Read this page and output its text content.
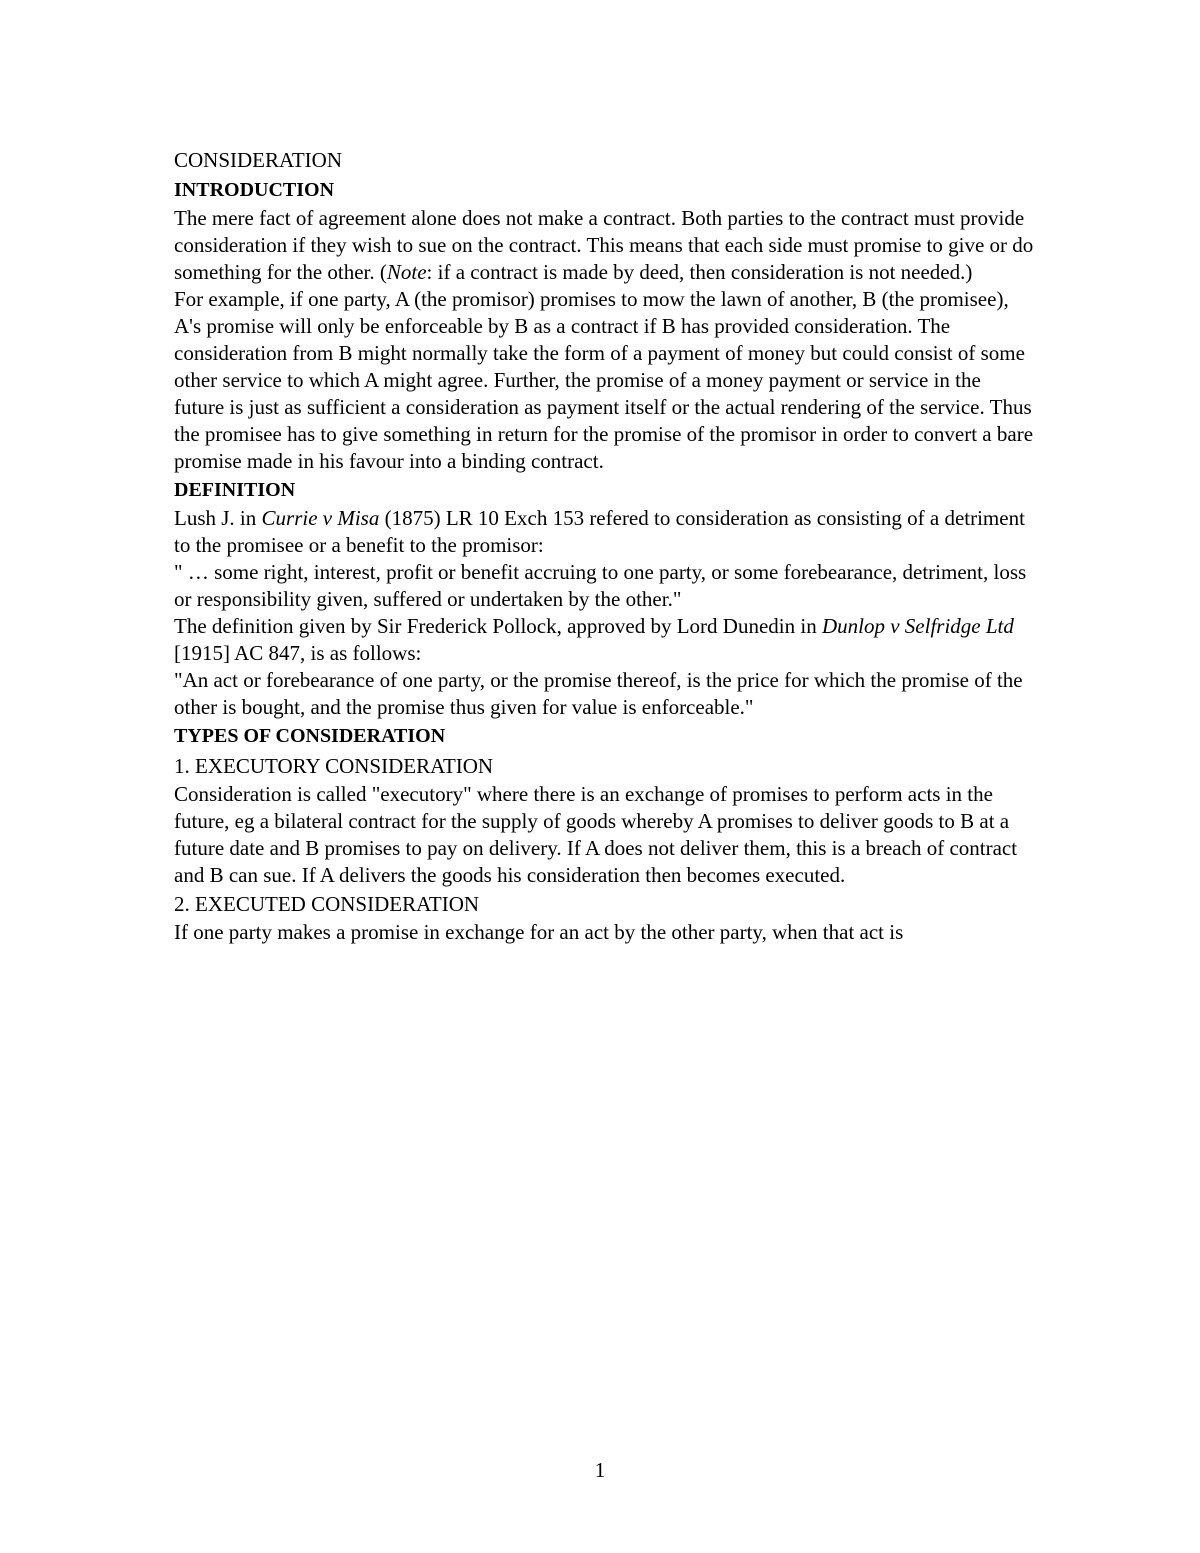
CONSIDERATION

INTRODUCTION

The mere fact of agreement alone does not make a contract. Both parties to the contract must provide consideration if they wish to sue on the contract. This means that each side must promise to give or do something for the other. (Note: if a contract is made by deed, then consideration is not needed.)

For example, if one party, A (the promisor) promises to mow the lawn of another, B (the promisee), A's promise will only be enforceable by B as a contract if B has provided consideration. The consideration from B might normally take the form of a payment of money but could consist of some other service to which A might agree. Further, the promise of a money payment or service in the future is just as sufficient a consideration as payment itself or the actual rendering of the service. Thus the promisee has to give something in return for the promise of the promisor in order to convert a bare promise made in his favour into a binding contract.

DEFINITION

Lush J. in Currie v Misa (1875) LR 10 Exch 153 refered to consideration as consisting of a detriment to the promisee or a benefit to the promisor:

" … some right, interest, profit or benefit accruing to one party, or some forebearance, detriment, loss or responsibility given, suffered or undertaken by the other."

The definition given by Sir Frederick Pollock, approved by Lord Dunedin in Dunlop v Selfridge Ltd [1915] AC 847, is as follows:

"An act or forebearance of one party, or the promise thereof, is the price for which the promise of the other is bought, and the promise thus given for value is enforceable."

TYPES OF CONSIDERATION

1. EXECUTORY CONSIDERATION

Consideration is called "executory" where there is an exchange of promises to perform acts in the future, eg a bilateral contract for the supply of goods whereby A promises to deliver goods to B at a future date and B promises to pay on delivery. If A does not deliver them, this is a breach of contract and B can sue. If A delivers the goods his consideration then becomes executed.

2. EXECUTED CONSIDERATION

If one party makes a promise in exchange for an act by the other party, when that act is

1
